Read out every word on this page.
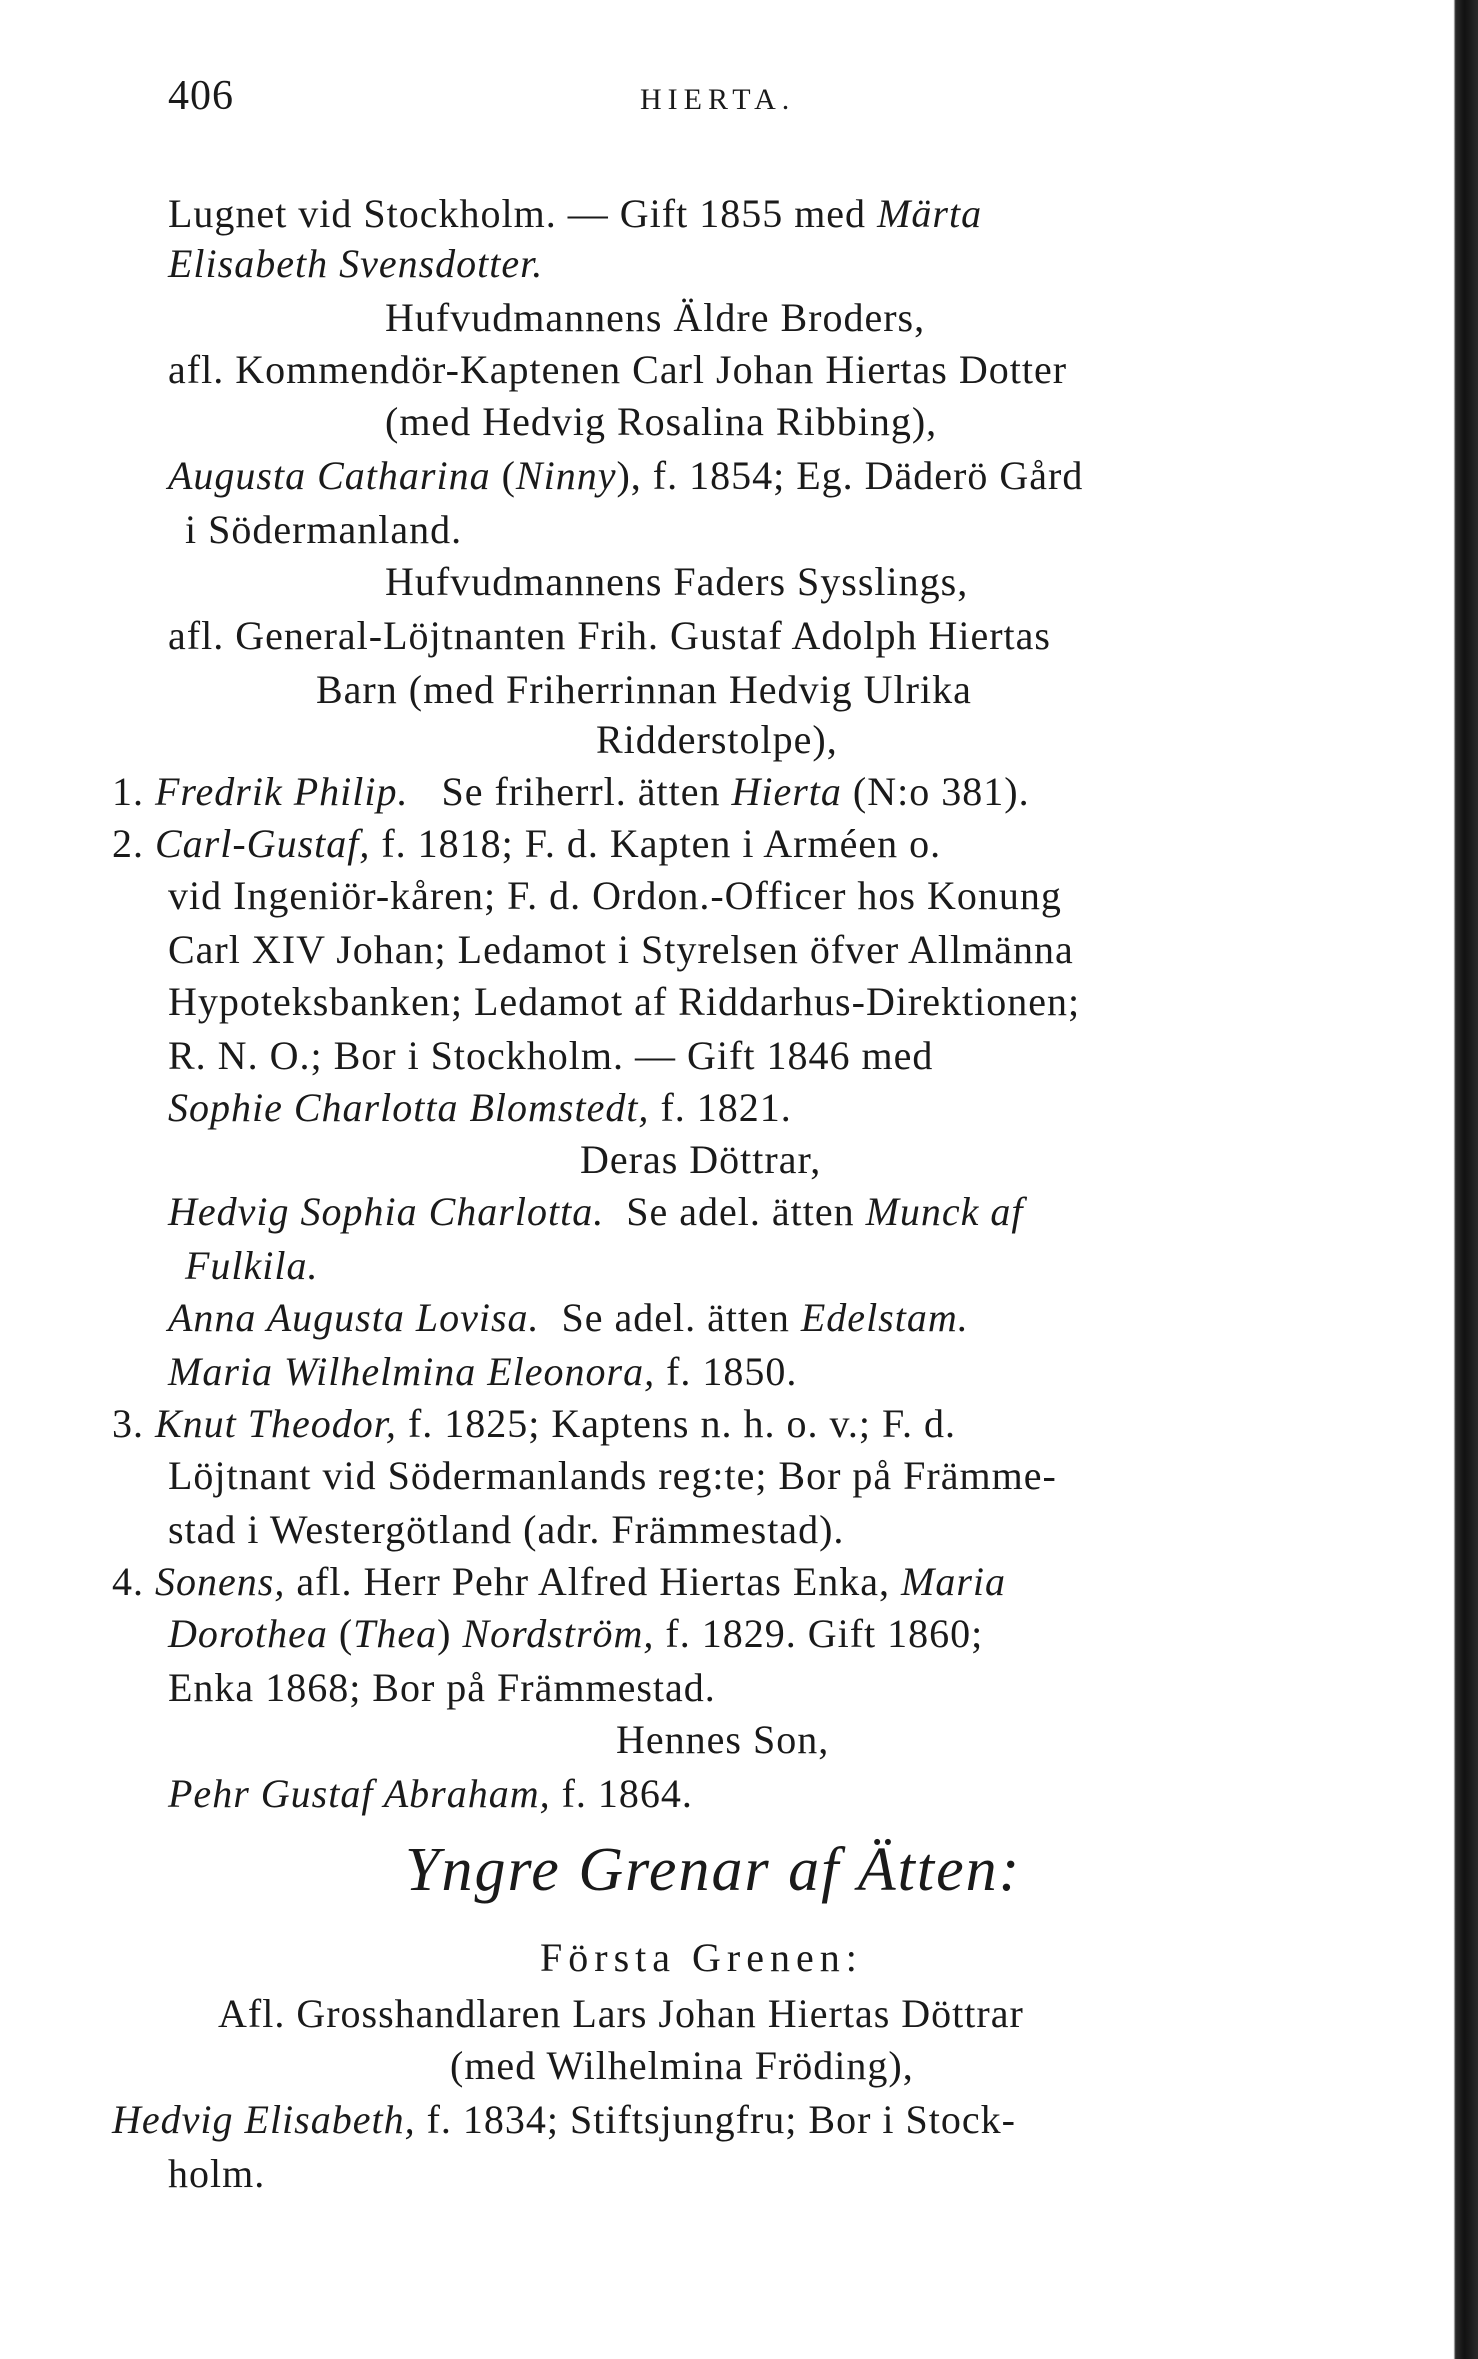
406	HIERTA.
Lugnet vid Stockholm. — Gift 1855 med Märta
Elisabeth Svensdotter.
Hufvudmannens Äldre Broders,
afl. Kommendör-Kaptenen Carl Johan Hiertas Dotter
(med Hedvig Rosalina Ribbing),
Augusta Catharina (Ninny), f. 1854; Eg. Däderö Gård
i Södermanland.
Hufvudmannens Faders Sysslings,
afl. General-Löjtnanten Frih. Gustaf Adolph Hiertas
Barn (med Friherrinnan Hedvig Ulrika
Ridderstolpe),
1. Fredrik Philip.   Se friherrl. ätten Hierta (N:o 381).
2. Carl-Gustaf, f. 1818; F. d. Kapten i Arméen o.
vid Ingeniör-kåren; F. d. Ordon.-Officer hos Konung
Carl XIV Johan; Ledamot i Styrelsen öfver Allmänna
Hypoteksbanken; Ledamot af Riddarhus-Direktionen;
R. N. O.; Bor i Stockholm. — Gift 1846 med
Sophie Charlotta Blomstedt, f. 1821.
Deras Döttrar,
Hedvig Sophia Charlotta.  Se adel. ätten Munck af
Fulkila.
Anna Augusta Lovisa.  Se adel. ätten Edelstam.
Maria Wilhelmina Eleonora, f. 1850.
3. Knut Theodor, f. 1825; Kaptens n. h. o. v.; F. d.
Löjtnant vid Södermanlands reg:te; Bor på Främme-
stad i Westergötland (adr. Främmestad).
4. Sonens, afl. Herr Pehr Alfred Hiertas Enka, Maria
Dorothea (Thea) Nordström, f. 1829. Gift 1860;
Enka 1868; Bor på Främmestad.
Hennes Son,
Pehr Gustaf Abraham, f. 1864.
Yngre Grenar af Ätten:
Första Grenen:
Afl. Grosshandlaren Lars Johan Hiertas Döttrar
(med Wilhelmina Fröding),
Hedvig Elisabeth, f. 1834; Stiftsjungfru; Bor i Stock-
holm.
